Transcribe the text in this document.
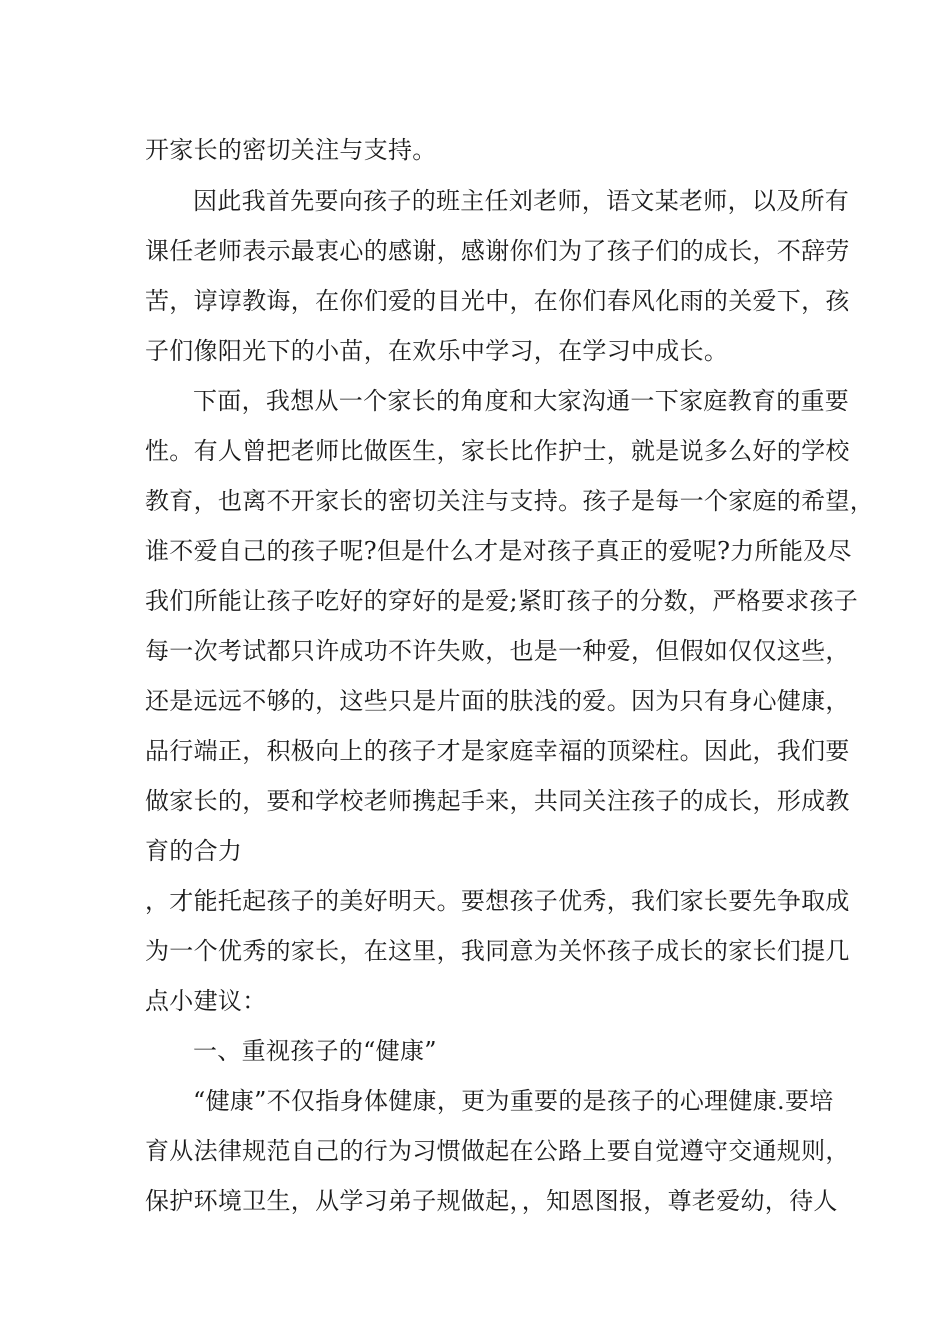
开家长的密切关注与支持。
因此我首先要向孩子的班主任刘老师，语文某老师，以及所有
课任老师表示最衷心的感谢，感谢你们为了孩子们的成长，不辞劳
苦，谆谆教诲，在你们爱的目光中，在你们春风化雨的关爱下，孩
子们像阳光下的小苗，在欢乐中学习，在学习中成长。
下面，我想从一个家长的角度和大家沟通一下家庭教育的重要
性。有人曾把老师比做医生，家长比作护士，就是说多么好的学校
教育，也离不开家长的密切关注与支持。孩子是每一个家庭的希望，
谁不爱自己的孩子呢?但是什么才是对孩子真正的爱呢?力所能及尽
我们所能让孩子吃好的穿好的是爱;紧盯孩子的分数，严格要求孩子
每一次考试都只许成功不许失败，也是一种爱，但假如仅仅这些，
还是远远不够的，这些只是片面的肤浅的爱。因为只有身心健康，
品行端正，积极向上的孩子才是家庭幸福的顶梁柱。因此，我们要
做家长的，要和学校老师携起手来，共同关注孩子的成长，形成教
育的合力
，才能托起孩子的美好明天。要想孩子优秀，我们家长要先争取成
为一个优秀的家长，在这里，我同意为关怀孩子成长的家长们提几
点小建议：
一、重视孩子的“健康”
“健康”不仅指身体健康，更为重要的是孩子的心理健康.要培
育从法律规范自己的行为习惯做起在公路上要自觉遵守交通规则，
保护环境卫生，从学习弟子规做起，，知恩图报，尊老爱幼，待人
